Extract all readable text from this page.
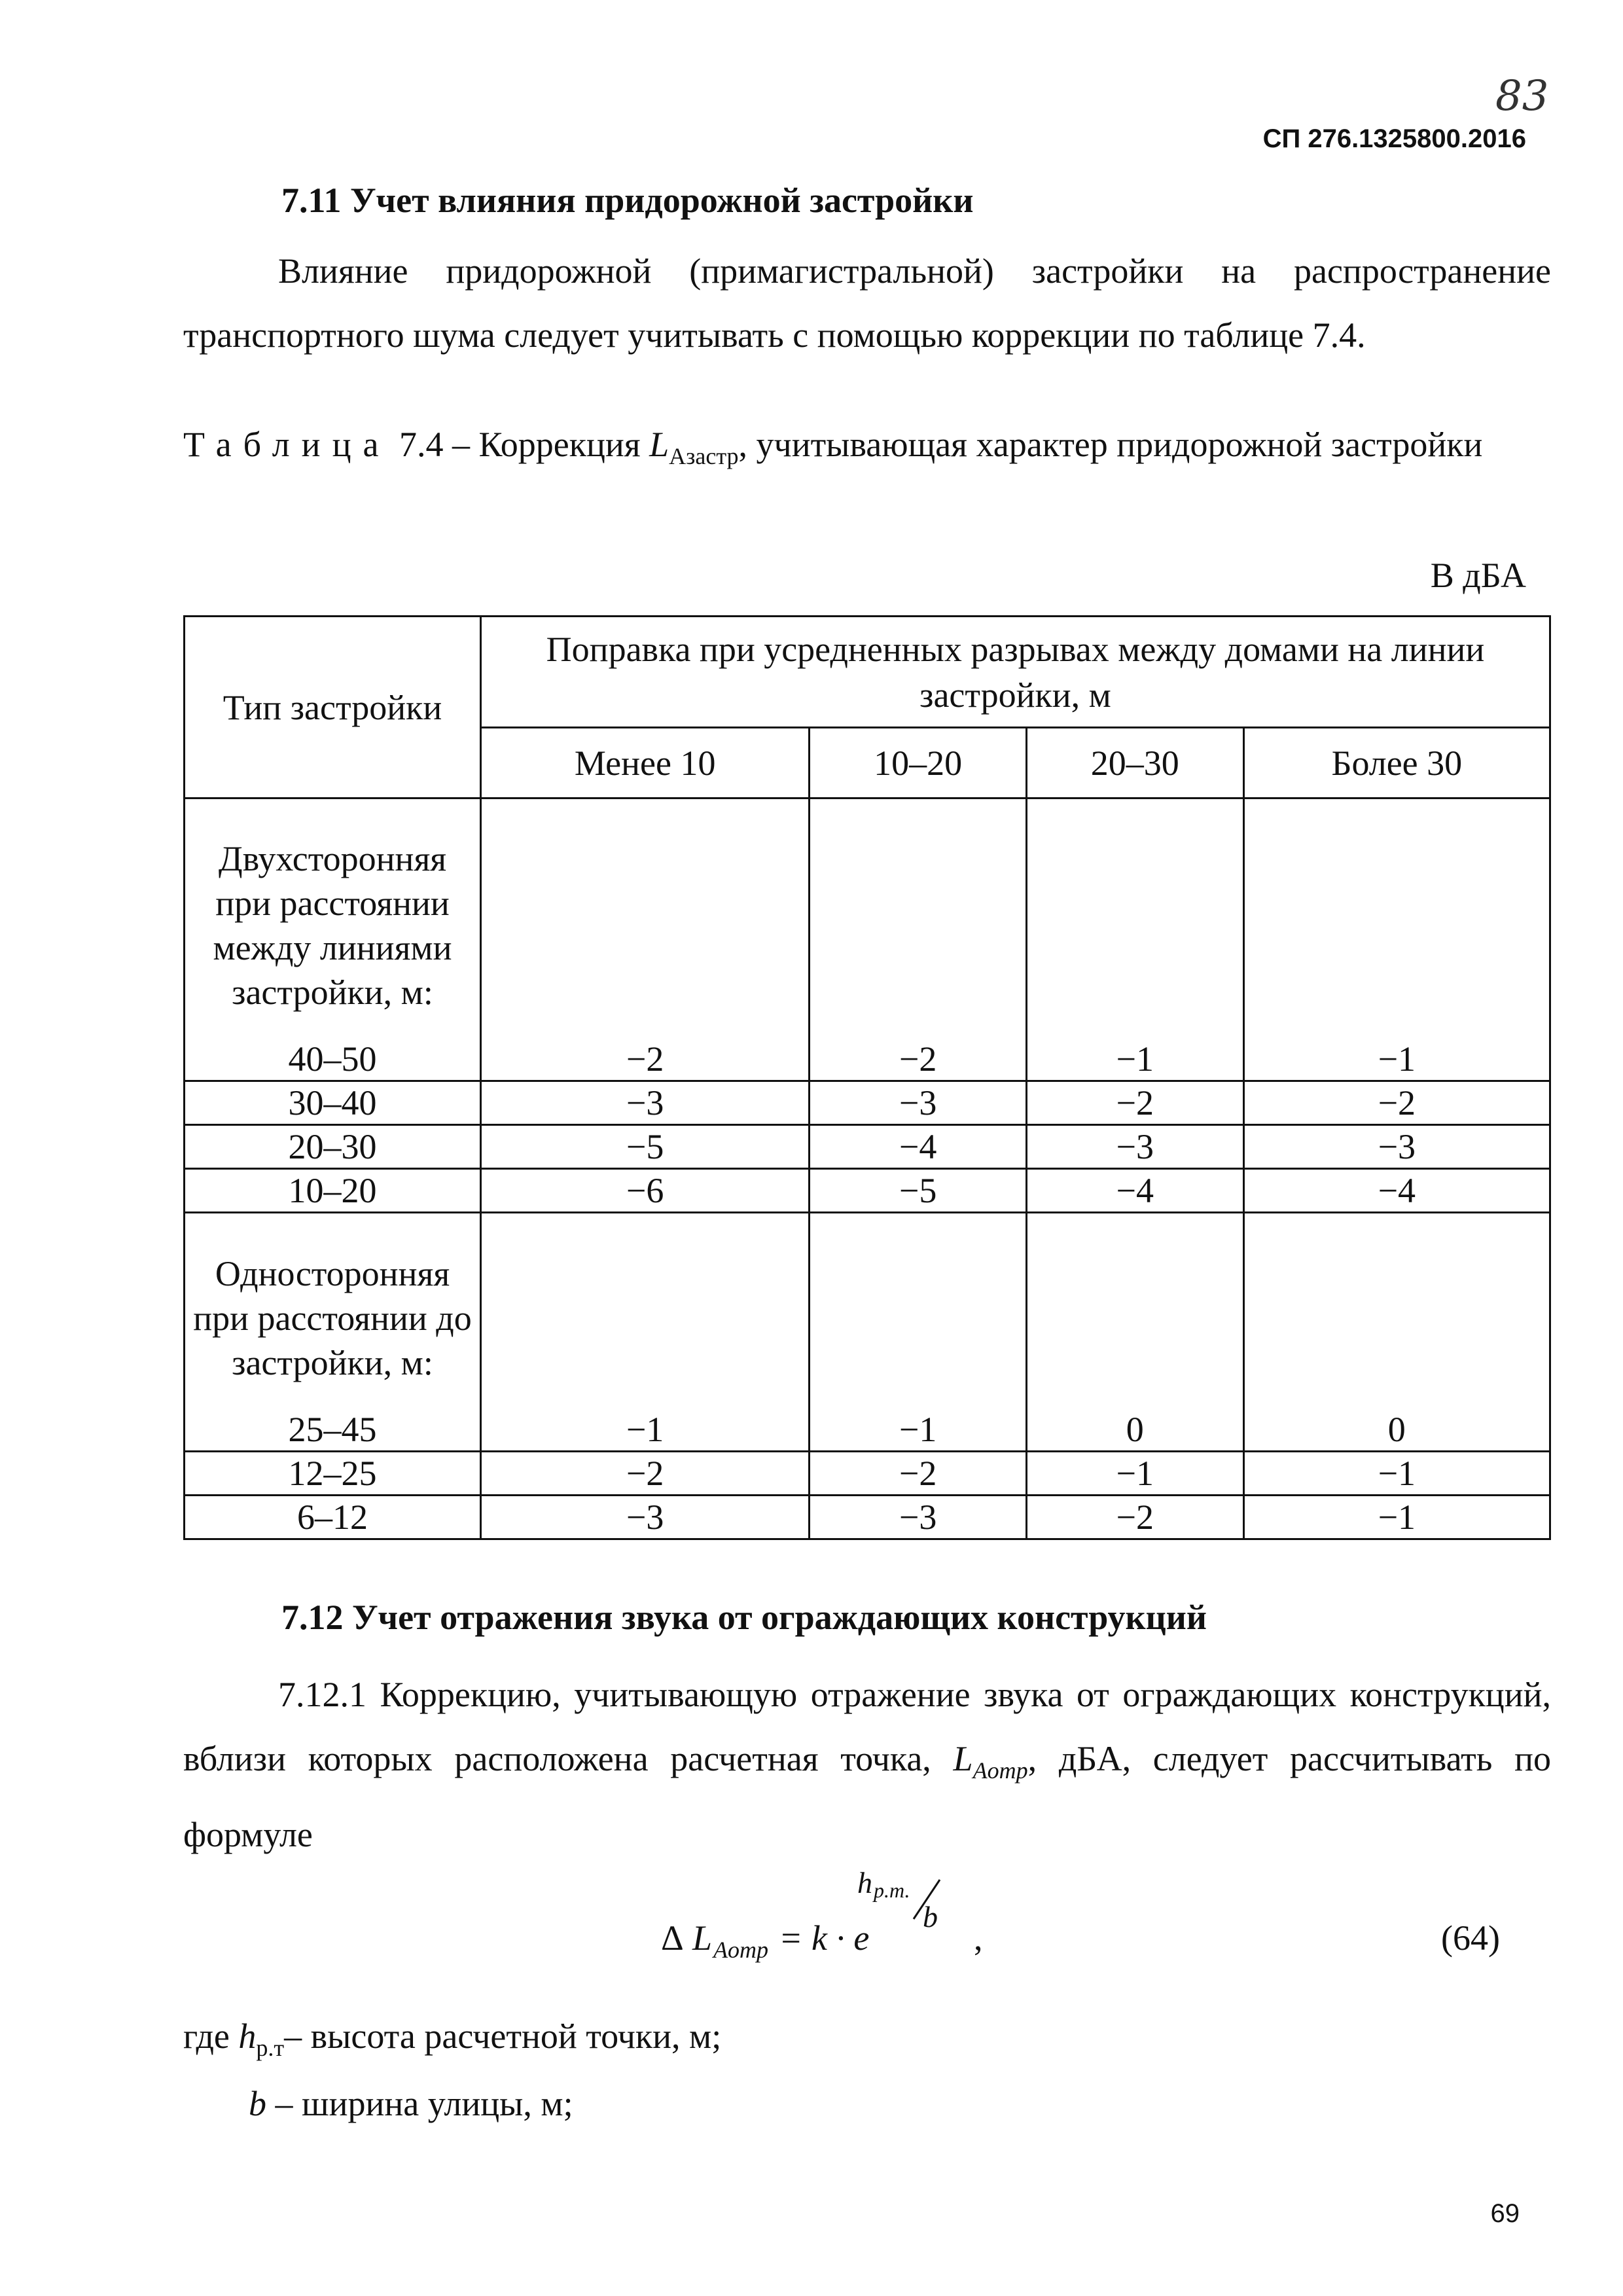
83
СП 276.1325800.2016
7.11 Учет влияния придорожной застройки

Влияние придорожной (примагистральной) застройки на распространение транспортного шума следует учитывать с помощью коррекции по таблице 7.4.

Таблица 7.4 – Коррекция $L_{Aзастр}$, учитывающая характер придорожной застройки

В дБА
Тип застройки	Поправка при усредненных разрывах между домами на линии застройки, м			
	Менее 10	10–20	20–30	Более 30
Двухсторонняя при расстоянии между линиями застройки, м:				
40–50	−2	−2	−1	−1
30–40	−3	−3	−2	−2
20–30	−5	−4	−3	−3
10–20	−6	−5	−4	−4
Односторонняя при расстоянии до застройки, м:				
25–45	−1	−1	0	0
12–25	−2	−2	−1	−1
6–12	−3	−3	−2	−1
7.12 Учет отражения звука от ограждающих конструкций

7.12.1 Коррекцию, учитывающую отражение звука от ограждающих конструкций, вблизи которых расположена расчетная точка, $L_{Aотр}$, дБА, следует рассчитывать по формуле

Δ L Aотр = k · e
h р.т.
b
,	(64)
где $h_{р.т}-$ высота расчетной точки, м;
b – ширина улицы, м;
69
